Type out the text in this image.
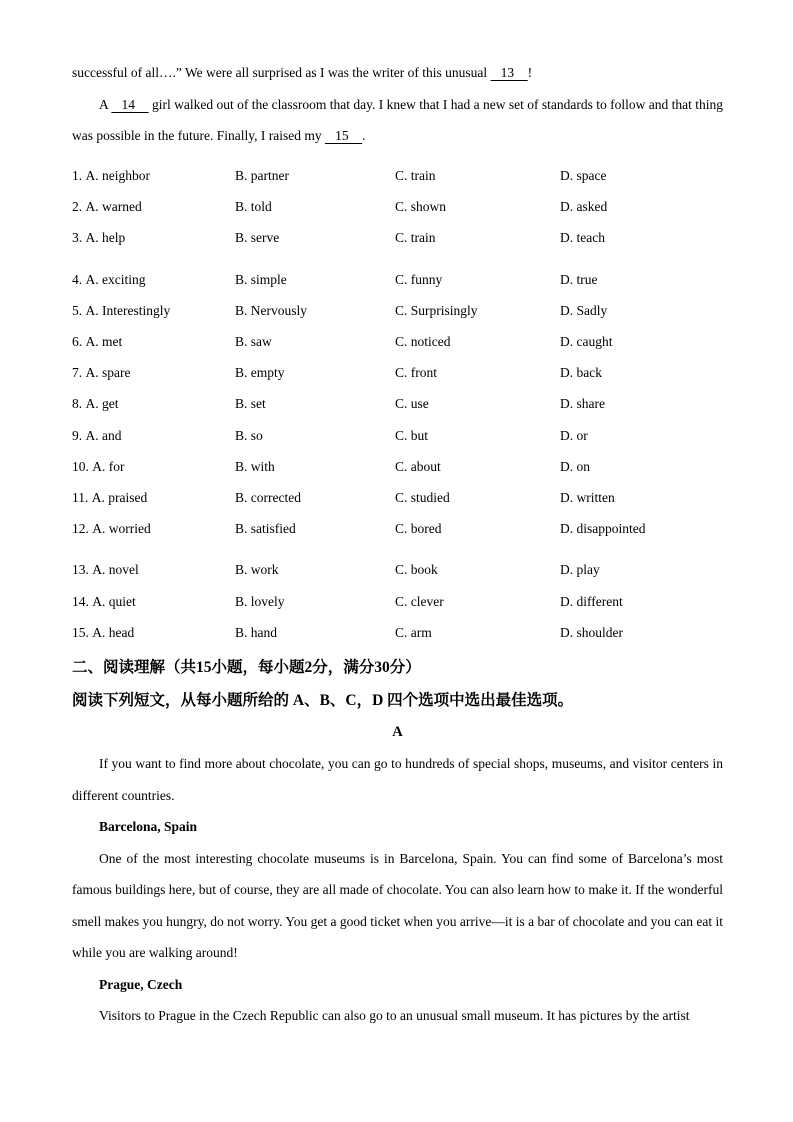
successful of all….” We were all surprised as I was the writer of this unusual    13    !

A    14     girl walked out of the classroom that day. I knew that I had a new set of standards to follow and that thing was possible in the future. Finally, I raised my    15    .

1. A. neighbor	B. partner	C. train	D. space
2. A. warned	B. told	C. shown	D. asked
3. A. help	B. serve	C. train	D. teach
4. A. exciting	B. simple	C. funny	D. true
5. A. Interestingly	B. Nervously	C. Surprisingly	D. Sadly
6. A. met	B. saw	C. noticed	D. caught
7. A. spare	B. empty	C. front	D. back
8. A. get	B. set	C. use	D. share
9. A. and	B. so	C. but	D. or
10. A. for	B. with	C. about	D. on
11. A. praised	B. corrected	C. studied	D. written
12. A. worried	B. satisfied	C. bored	D. disappointed
13. A. novel	B. work	C. book	D. play
14. A. quiet	B. lovely	C. clever	D. different
15. A. head	B. hand	C. arm	D. shoulder
二、阅读理解（共15小题，每小题2分，满分30分）
阅读下列短文，从每小题所给的 A、B、C，D 四个选项中选出最佳选项。
A

If you want to find more about chocolate, you can go to hundreds of special shops, museums, and visitor centers in different countries.

Barcelona, Spain

One of the most interesting chocolate museums is in Barcelona, Spain. You can find some of Barcelona’s most famous buildings here, but of course, they are all made of chocolate. You can also learn how to make it. If the wonderful smell makes you hungry, do not worry. You get a good ticket when you arrive—it is a bar of chocolate and you can eat it while you are walking around!

Prague, Czech

Visitors to Prague in the Czech Republic can also go to an unusual small museum. It has pictures by the artist
